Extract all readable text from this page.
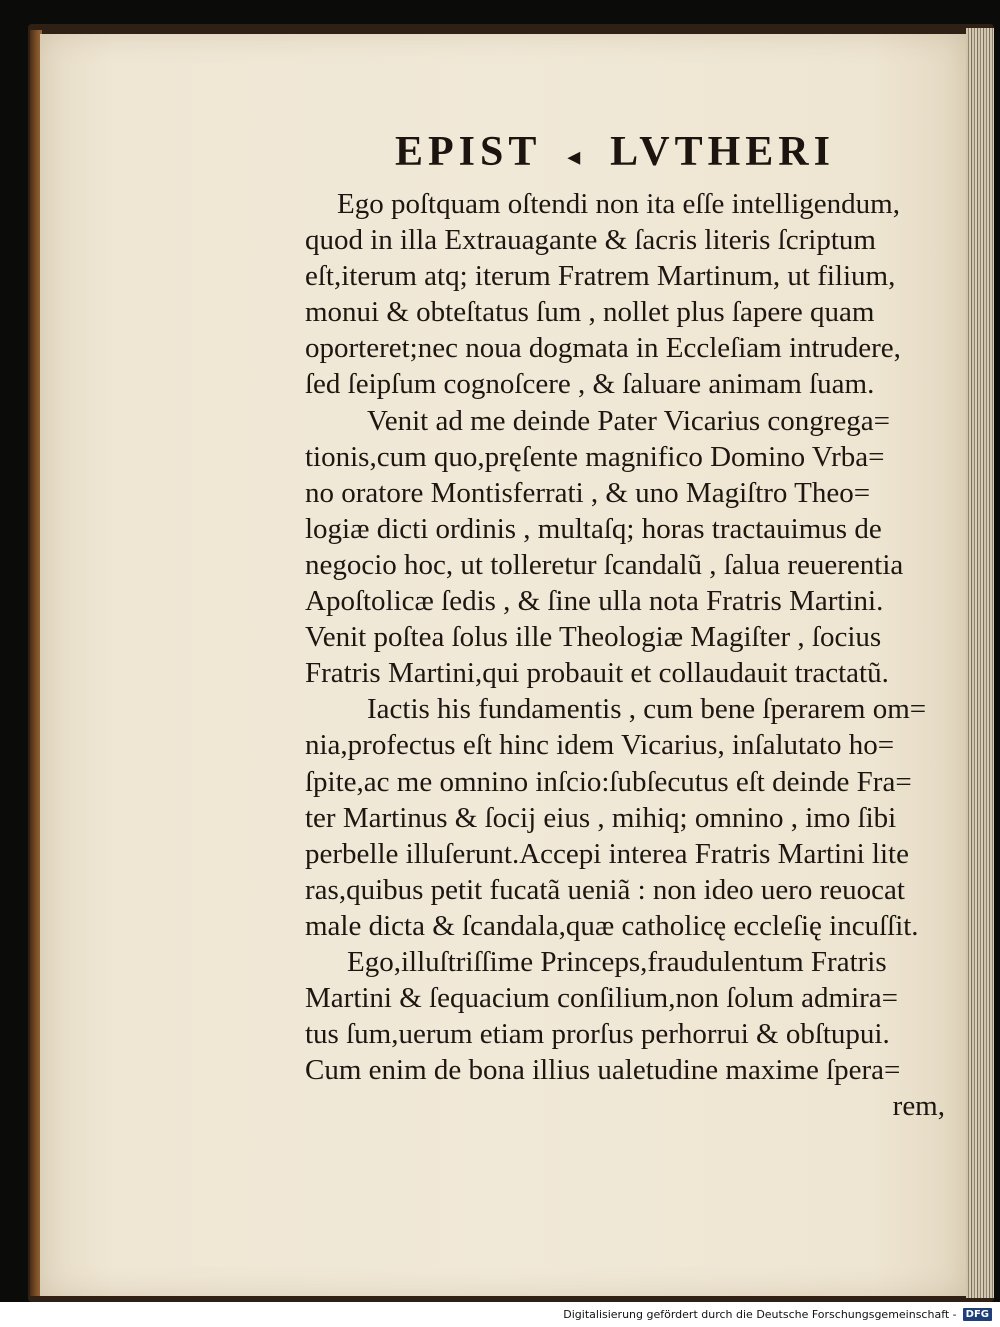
EPIST ◂ LVTHERI
Ego poſtquam oſtendi non ita eſſe intelligendum,
quod in illa Extrauagante & ſacris literis ſcriptum
eſt,iterum atq; iterum Fratrem Martinum, ut filium,
monui & obteſtatus ſum , nollet plus ſapere quam
oporteret;nec noua dogmata in Eccleſiam intrudere,
ſed ſeipſum cognoſcere , & ſaluare animam ſuam.
Venit ad me deinde Pater Vicarius congrega=
tionis,cum quo,pręſente magnifico Domino Vrba=
no oratore Montisferrati , & uno Magiſtro Theo=
logiæ dicti ordinis , multaſq; horas tractauimus de
negocio hoc, ut tolleretur ſcandalũ , ſalua reuerentia
Apoſtolicæ ſedis , & ſine ulla nota Fratris Martini.
Venit poſtea ſolus ille Theologiæ Magiſter , ſocius
Fratris Martini,qui probauit et collaudauit tractatũ.
Iactis his fundamentis , cum bene ſperarem om=
nia,profectus eſt hinc idem Vicarius, inſalutato ho=
ſpite,ac me omnino inſcio:ſubſecutus eſt deinde Fra=
ter Martinus & ſocij eius , mihiq; omnino , imo ſibi
perbelle illuſerunt.Accepi interea Fratris Martini lite
ras,quibus petit fucatã ueniã : non ideo uero reuocat
male dicta & ſcandala,quæ catholicę eccleſię incuſſit.
Ego,illuſtriſſime Princeps,fraudulentum Fratris
Martini & ſequacium conſilium,non ſolum admira=
tus ſum,uerum etiam prorſus perhorrui & obſtupui.
Cum enim de bona illius ualetudine maxime ſpera=
rem,
Digitalisierung gefördert durch die Deutsche Forschungsgemeinschaft - DFG
